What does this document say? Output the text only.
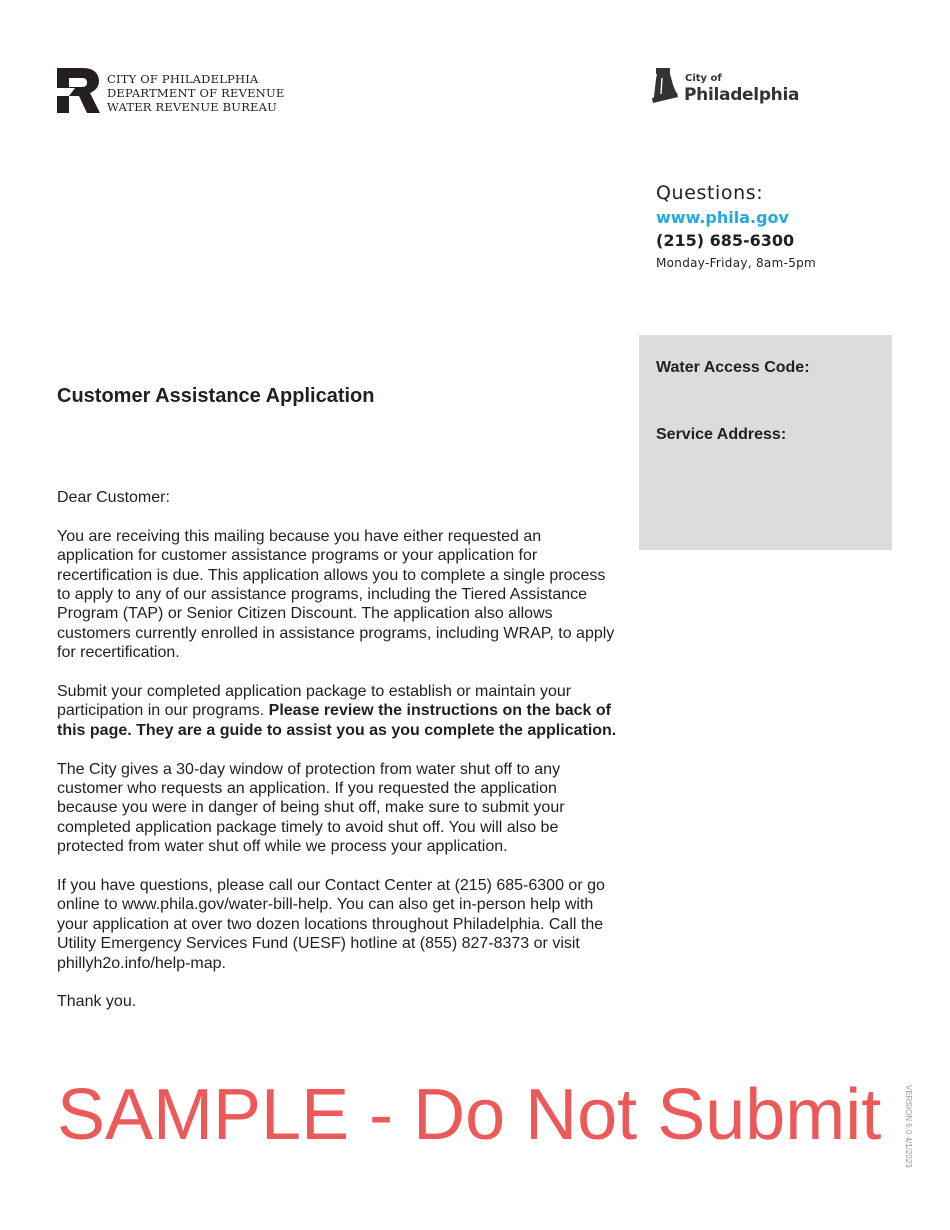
CITY OF PHILADELPHIA
DEPARTMENT OF REVENUE
WATER REVENUE BUREAU
City of
Philadelphia
Questions:
www.phila.gov
(215) 685-6300
Monday-Friday, 8am-5pm
Water Access Code:
Service Address:
Customer Assistance Application

Dear Customer:

You are receiving this mailing because you have either requested an application for customer assistance programs or your application for recertification is due. This application allows you to complete a single process to apply to any of our assistance programs, including the Tiered Assistance Program (TAP) or Senior Citizen Discount. The application also allows customers currently enrolled in assistance programs, including WRAP, to apply for recertification.

Submit your completed application package to establish or maintain your participation in our programs. Please review the instructions on the back of this page. They are a guide to assist you as you complete the application.

The City gives a 30-day window of protection from water shut off to any customer who requests an application. If you requested the application because you were in danger of being shut off, make sure to submit your completed application package timely to avoid shut off. You will also be protected from water shut off while we process your application.

If you have questions, please call our Contact Center at (215) 685-6300 or go online to www.phila.gov/water-bill-help. You can also get in-person help with your application at over two dozen locations throughout Philadelphia. Call the Utility Emergency Services Fund (UESF) hotline at (855) 827-8373 or visit phillyh2o.info/help-map.

Thank you.

SAMPLE - Do Not Submit	VERSION 6.0 4/1/2023
